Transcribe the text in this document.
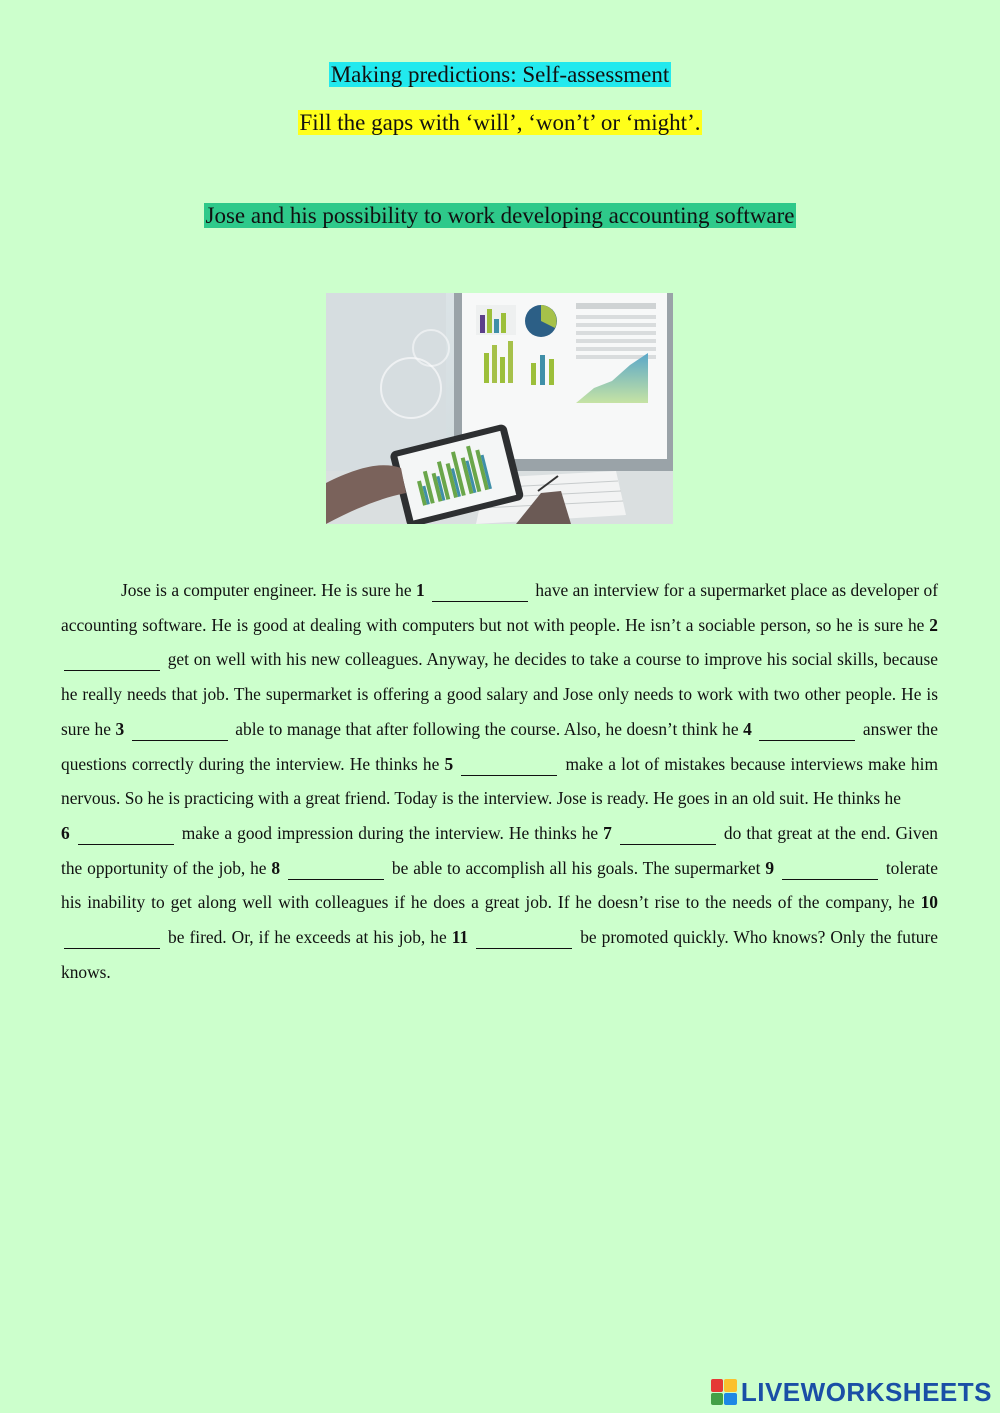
Making predictions: Self-assessment
Fill the gaps with ‘will’, ‘won’t’ or ‘might’.
Jose and his possibility to work developing accounting software
Jose is a computer engineer. He is sure he 1	have an interview for a supermarket place as developer of accounting software. He is good at dealing with computers but not with people. He isn’t a sociable person, so he is sure he 2  get on well with his new colleagues. Anyway, he decides to take a course to improve his social skills, because he really needs that job. The supermarket is offering a good salary and Jose only needs to work with two other people. He is sure he 3	able to manage that after following the course. Also, he doesn’t think he 4	answer the questions correctly during the interview. He thinks he 5	make a lot of mistakes because interviews make him nervous. So he is practicing with a great friend. Today is the interview. Jose is ready. He goes in an old suit. He thinks he
6	make a good impression during the interview. He thinks he 7	do that great at the end. Given the opportunity of the job, he 8	be able to accomplish all his goals. The supermarket 9	tolerate his inability to get along well with colleagues if he does a great job. If he doesn’t rise to the needs of the company, he 10  be fired. Or, if he exceeds at his job, he 11	be promoted quickly. Who knows? Only the future knows.
LIVEWORKSHEETS
